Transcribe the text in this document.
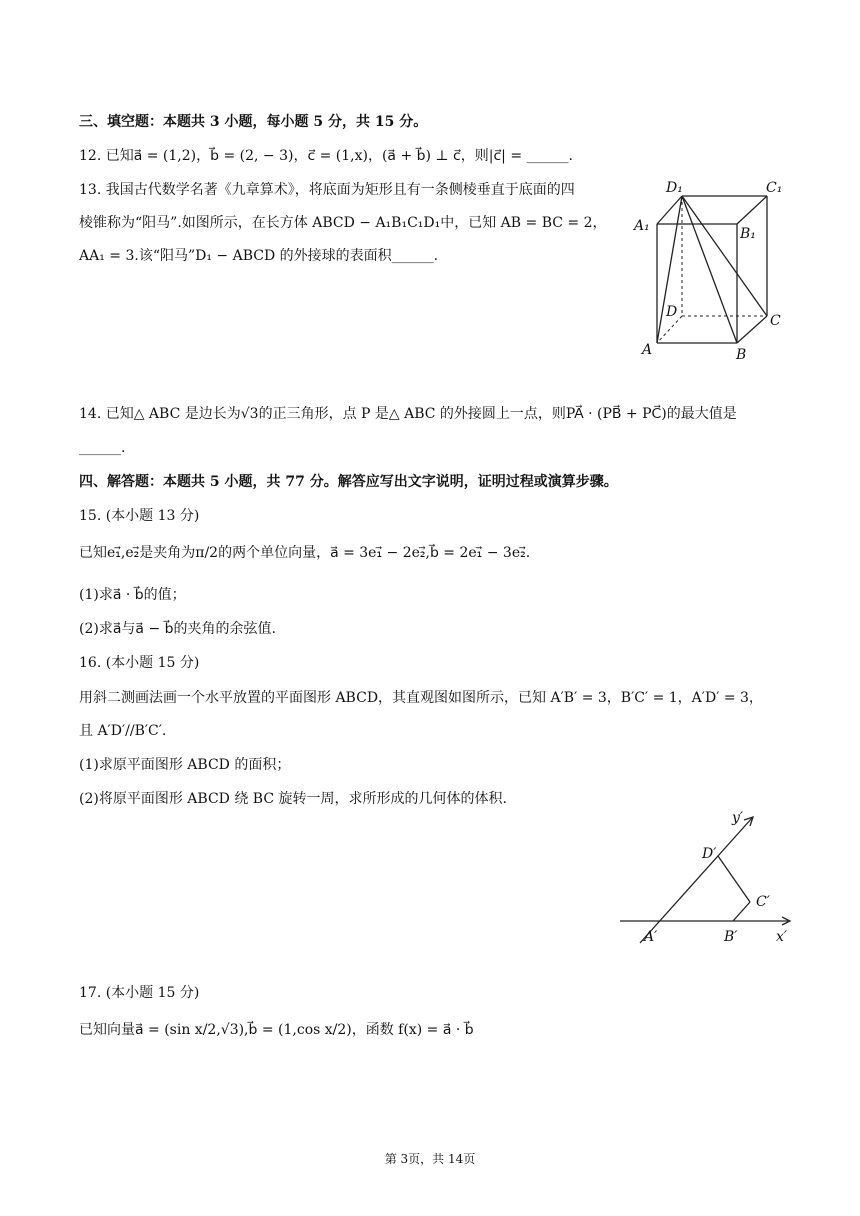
三、填空题：本题共 3 小题，每小题 5 分，共 15 分。
12. 已知a⃗ = (1,2)，b⃗ = (2, − 3)，c⃗ = (1,x)，(a⃗ + b⃗) ⊥ c⃗，则|c⃗| = ______.
13. 我国古代数学名著《九章算术》，将底面为矩形且有一条侧棱垂直于底面的四
棱锥称为“阳马”.如图所示，在长方体 ABCD − A₁B₁C₁D₁中，已知 AB = BC = 2，
AA₁ = 3.该“阳马”D₁ − ABCD 的外接球的表面积______.
D₁	C₁
A₁	B₁
D
C
A	B
14. 已知△ ABC 是边长为√3的正三角形，点 P 是△ ABC 的外接圆上一点，则PA⃗ · (PB⃗ + PC⃗)的最大值是
______.
四、解答题：本题共 5 小题，共 77 分。解答应写出文字说明，证明过程或演算步骤。
15. (本小题 13 分)
已知e₁⃗,e₂⃗是夹角为π/2的两个单位向量，a⃗ = 3e₁⃗ − 2e₂⃗,b⃗ = 2e₁⃗ − 3e₂⃗.
(1)求a⃗ · b⃗的值；
(2)求a⃗与a⃗ − b⃗的夹角的余弦值.
16. (本小题 15 分)
用斜二测画法画一个水平放置的平面图形 ABCD，其直观图如图所示，已知 A′B′ = 3，B′C′ = 1，A′D′ = 3，
且 A′D′//B′C′.
(1)求原平面图形 ABCD 的面积；
(2)将原平面图形 ABCD 绕 BC 旋转一周，求所形成的几何体的体积.
y′
D′
C′
A′	B′	x′
17. (本小题 15 分)
已知向量a⃗ = (sin x/2,√3),b⃗ = (1,cos x/2)，函数 f(x) = a⃗ · b⃗
第 3页，共 14页
